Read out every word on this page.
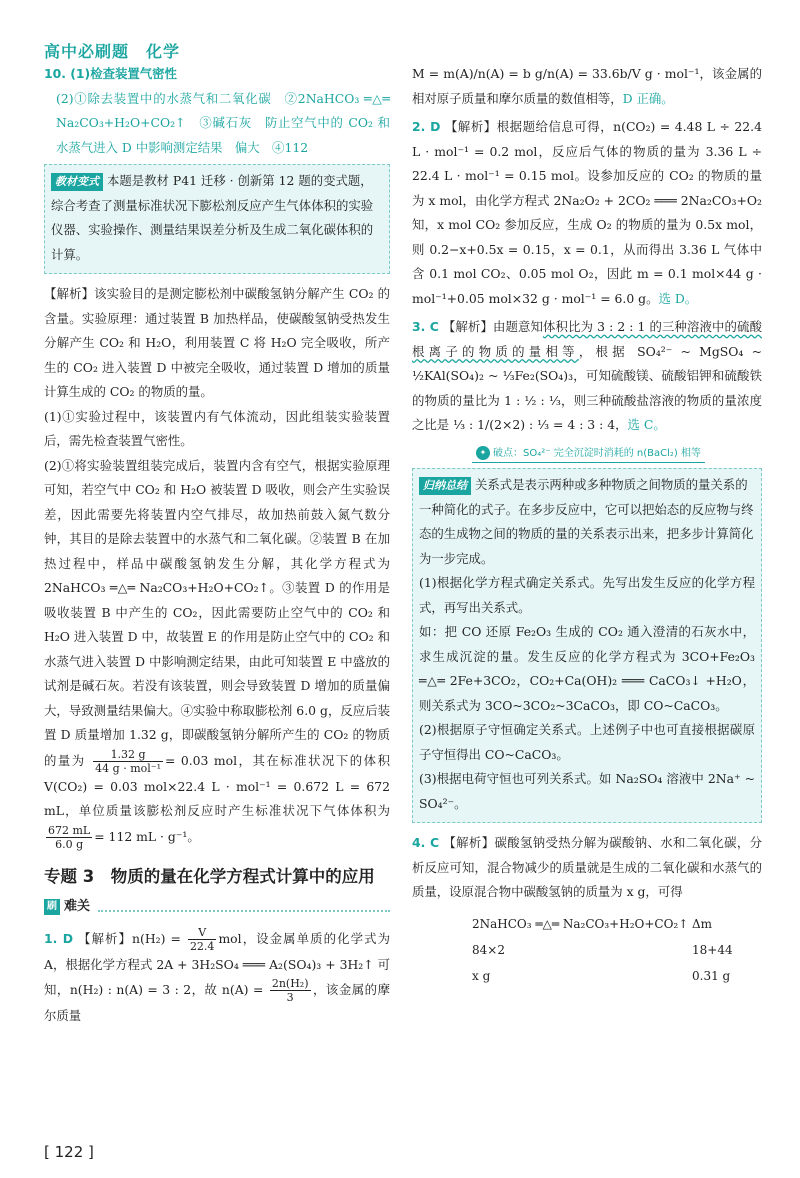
高中必刷题　化学

10. (1)检查装置气密性

(2)①除去装置中的水蒸气和二氧化碳　②2NaHCO₃ ═△═ Na₂CO₃+H₂O+CO₂↑　③碱石灰　防止空气中的 CO₂ 和水蒸气进入 D 中影响测定结果　偏大　④112

教材变式 本题是教材 P41 迁移 · 创新第 12 题的变式题，综合考查了测量标准状况下膨松剂反应产生气体体积的实验仪器、实验操作、测量结果误差分析及生成二氧化碳体积的计算。

【解析】该实验目的是测定膨松剂中碳酸氢钠分解产生 CO₂ 的含量。实验原理：通过装置 B 加热样品，使碳酸氢钠受热发生分解产生 CO₂ 和 H₂O，利用装置 C 将 H₂O 完全吸收，所产生的 CO₂ 进入装置 D 中被完全吸收，通过装置 D 增加的质量计算生成的 CO₂ 的物质的量。

(1)①实验过程中，该装置内有气体流动，因此组装实验装置后，需先检查装置气密性。

(2)①将实验装置组装完成后，装置内含有空气，根据实验原理可知，若空气中 CO₂ 和 H₂O 被装置 D 吸收，则会产生实验误差，因此需要先将装置内空气排尽，故加热前鼓入氮气数分钟，其目的是除去装置中的水蒸气和二氧化碳。②装置 B 在加热过程中，样品中碳酸氢钠发生分解，其化学方程式为 2NaHCO₃ ═△═ Na₂CO₃+H₂O+CO₂↑。③装置 D 的作用是吸收装置 B 中产生的 CO₂，因此需要防止空气中的 CO₂ 和 H₂O 进入装置 D 中，故装置 E 的作用是防止空气中的 CO₂ 和水蒸气进入装置 D 中影响测定结果，由此可知装置 E 中盛放的试剂是碱石灰。若没有该装置，则会导致装置 D 增加的质量偏大，导致测量结果偏大。④实验中称取膨松剂 6.0 g，反应后装置 D 质量增加 1.32 g，即碳酸氢钠分解所产生的 CO₂ 的物质的量为 $\frac{1.32 g}{\text{44 g · mol⁻¹}} = 0.03$ mol，其在标准状况下的体积 V(CO₂) = 0.03 mol×22.4 L · mol⁻¹ = 0.672 L = 672 mL，单位质量该膨松剂反应时产生标准状况下气体体积为
$\frac{672 mL}{6.0 g} = 112$ mL · g⁻¹。

专题 3　物质的量在化学方程式计算中的应用
刷 难关

1. D 【解析】$n(H_2) = \frac{V}{22.4}$ mol，设金属单质的化学式为 A，根据化学方程式 2A + 3H₂SO₄ ═══ A₂(SO₄)₃ + 3H₂↑ 可知，n(H₂) : n(A) = 3 : 2，故 $n(A) = \frac{\text{2n(H₂)}}{3}$ ，该金属的摩尔质量

M = m(A)/n(A) = b g/n(A) = 33.6b/V g · mol⁻¹，该金属的相对原子质量和摩尔质量的数值相等，D 正确。

2. D 【解析】根据题给信息可得，n(CO₂) = 4.48 L ÷ 22.4 L · mol⁻¹ = 0.2 mol，反应后气体的物质的量为 3.36 L ÷ 22.4 L · mol⁻¹ = 0.15 mol。设参加反应的 CO₂ 的物质的量为 x mol，由化学方程式 2Na₂O₂ + 2CO₂ ═══ 2Na₂CO₃+O₂ 知，x mol CO₂ 参加反应，生成 O₂ 的物质的量为 0.5x mol，则 0.2−x+0.5x = 0.15，x = 0.1，从而得出 3.36 L 气体中含 0.1 mol CO₂、0.05 mol O₂，因此 m = 0.1 mol×44 g · mol⁻¹+0.05 mol×32 g · mol⁻¹ = 6.0 g。选 D。

3. C 【解析】由题意知体积比为 3 : 2 : 1 的三种溶液中的硫酸根离子的物质的量相等，根据 SO₄²⁻ ~ MgSO₄ ~ ½KAl(SO₄)₂ ~ ⅓Fe₂(SO₄)₃，可知硫酸镁、硫酸铝钾和硫酸铁的物质的量比为 1 : ½ : ⅓，则三种硫酸盐溶液的物质的量浓度之比是 ⅓ : 1/(2×2) : ⅓ = 4 : 3 : 4，选 C。

✦ 破点：SO₄²⁻ 完全沉淀时消耗的 n(BaCl₂) 相等
归纳总结 关系式是表示两种或多种物质之间物质的量关系的一种简化的式子。在多步反应中，它可以把始态的反应物与终态的生成物之间的物质的量的关系表示出来，把多步计算简化为一步完成。

(1)根据化学方程式确定关系式。先写出发生反应的化学方程式，再写出关系式。

如：把 CO 还原 Fe₂O₃ 生成的 CO₂ 通入澄清的石灰水中，求生成沉淀的量。发生反应的化学方程式为 3CO+Fe₂O₃ ═△═ 2Fe+3CO₂，CO₂+Ca(OH)₂ ═══ CaCO₃↓ +H₂O，则关系式为 3CO~3CO₂~3CaCO₃，即 CO~CaCO₃。

(2)根据原子守恒确定关系式。上述例子中也可直接根据碳原子守恒得出 CO~CaCO₃。

(3)根据电荷守恒也可列关系式。如 Na₂SO₄ 溶液中 2Na⁺ ~ SO₄²⁻。

4. C 【解析】碳酸氢钠受热分解为碳酸钠、水和二氧化碳，分析反应可知，混合物减少的质量就是生成的二氧化碳和水蒸气的质量，设原混合物中碳酸氢钠的质量为 x g，可得

2NaHCO₃ ═△═ Na₂CO₃+H₂O+CO₂↑	Δm
84×2	18+44
x g	0.31 g
[ 122 ]
